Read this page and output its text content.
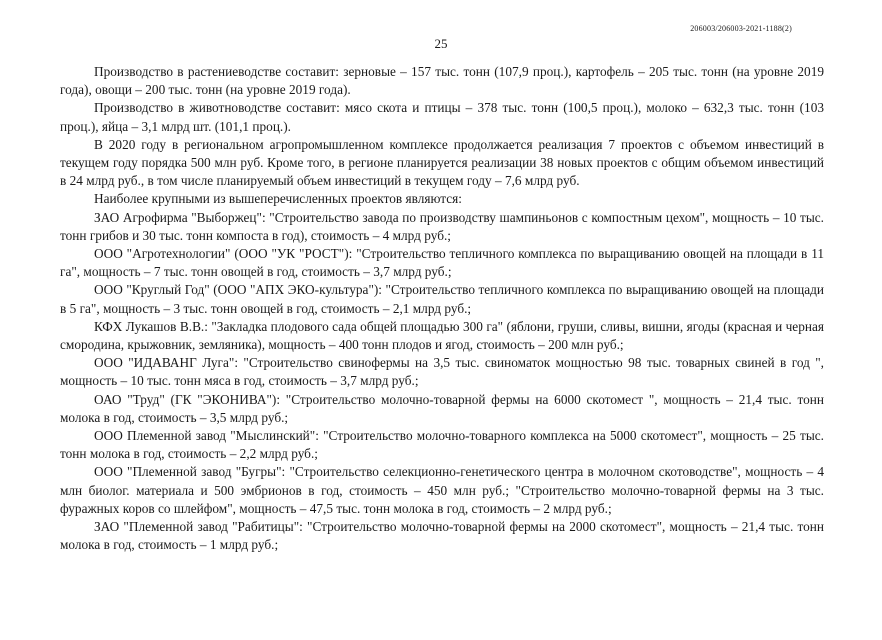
206003/206003-2021-1188(2)
25

Производство в растениеводстве составит: зерновые – 157 тыс. тонн (107,9 проц.), картофель – 205 тыс. тонн (на уровне 2019 года), овощи – 200 тыс. тонн (на уровне 2019 года).

Производство в животноводстве составит: мясо скота и птицы – 378 тыс. тонн (100,5 проц.), молоко – 632,3 тыс. тонн (103 проц.), яйца – 3,1 млрд шт. (101,1 проц.).

В 2020 году в региональном агропромышленном комплексе продолжается реализация 7 проектов с объемом инвестиций в текущем году порядка 500 млн руб. Кроме того, в регионе планируется реализации 38 новых проектов с общим объемом инвестиций в 24 млрд руб., в том числе планируемый объем инвестиций в текущем году – 7,6 млрд руб.

Наиболее крупными из вышеперечисленных проектов являются:

ЗАО Агрофирма "Выборжец": "Строительство завода по производству шампиньонов с компостным цехом", мощность – 10 тыс. тонн грибов и 30 тыс. тонн компоста в год), стоимость – 4 млрд руб.;

ООО "Агротехнологии" (ООО "УК "РОСТ"): "Строительство тепличного комплекса по выращиванию овощей на площади в 11 га", мощность – 7 тыс. тонн овощей в год, стоимость – 3,7 млрд руб.;

ООО "Круглый Год" (ООО "АПХ ЭКО-культура"): "Строительство тепличного комплекса по выращиванию овощей на площади в 5 га", мощность – 3 тыс. тонн овощей в год, стоимость – 2,1 млрд руб.;

КФХ Лукашов В.В.: "Закладка плодового сада общей площадью 300 га" (яблони, груши, сливы, вишни, ягоды (красная и черная смородина, крыжовник, земляника), мощность – 400 тонн плодов и ягод, стоимость – 200 млн руб.;

ООО "ИДАВАНГ Луга": "Строительство свинофермы на 3,5 тыс. свиноматок мощностью 98 тыс. товарных свиней в год ", мощность – 10 тыс. тонн мяса в год, стоимость – 3,7 млрд руб.;

ОАО "Труд" (ГК "ЭКОНИВА"): "Строительство молочно-товарной фермы на 6000 скотомест ", мощность – 21,4 тыс. тонн молока в год, стоимость – 3,5 млрд руб.;

ООО Племенной завод "Мыслинский": "Строительство молочно-товарного комплекса на 5000 скотомест", мощность – 25 тыс. тонн молока в год, стоимость – 2,2 млрд руб.;

ООО "Племенной завод "Бугры": "Строительство селекционно-генетического центра в молочном скотоводстве", мощность – 4 млн биолог. материала и 500 эмбрионов в год, стоимость – 450 млн руб.; "Строительство молочно-товарной фермы на 3 тыс. фуражных коров со шлейфом", мощность – 47,5 тыс. тонн молока в год, стоимость – 2 млрд руб.;

ЗАО "Племенной завод "Рабитицы": "Строительство молочно-товарной фермы на 2000 скотомест", мощность – 21,4 тыс. тонн молока в год, стоимость – 1 млрд руб.;
